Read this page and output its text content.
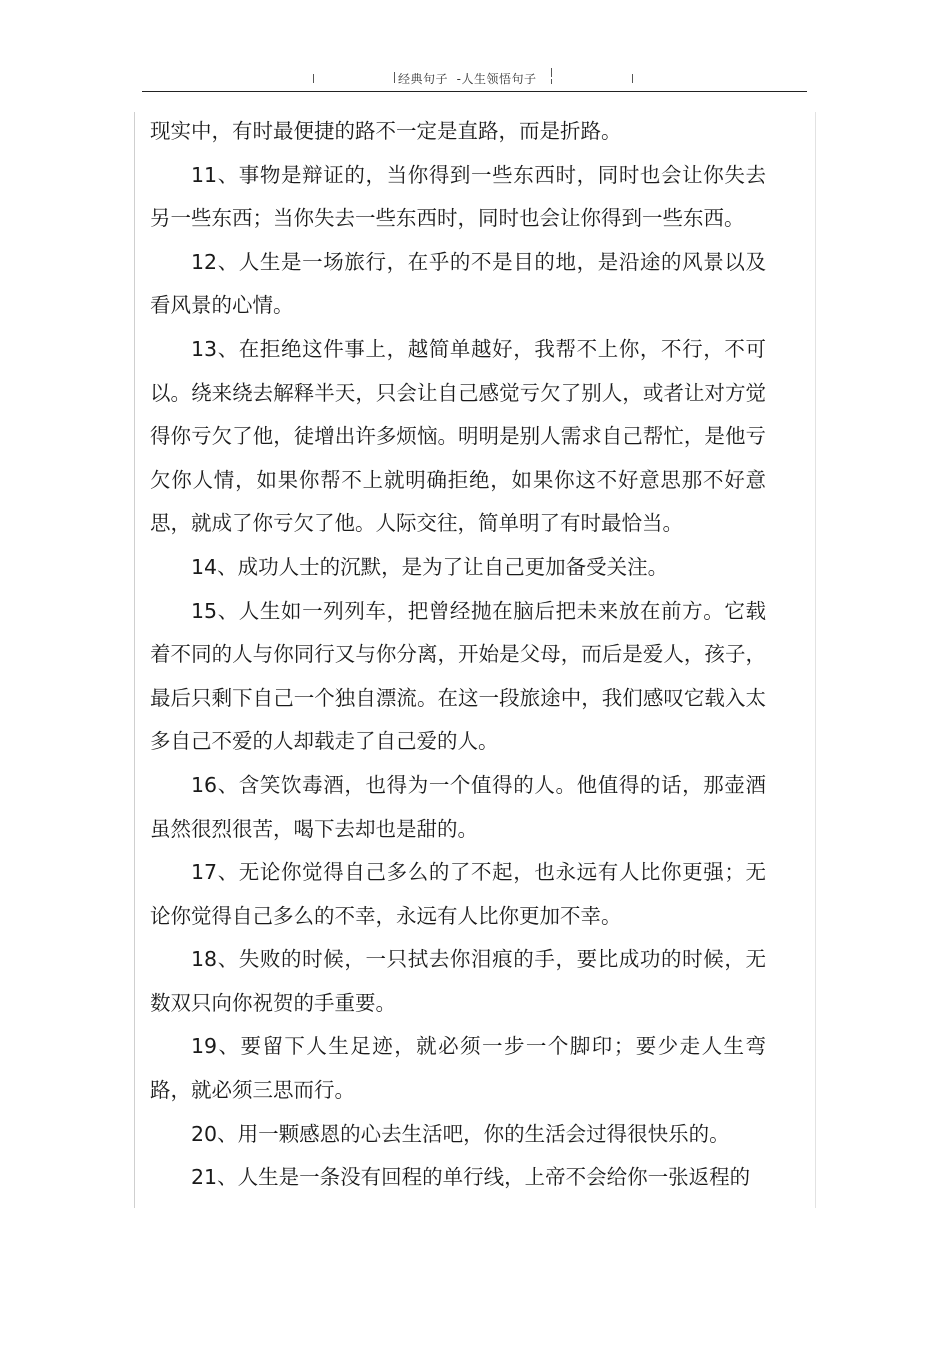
经典句子  -人生领悟句子

现实中，有时最便捷的路不一定是直路，而是折路。

11、事物是辩证的，当你得到一些东西时，同时也会让你失去另一些东西；当你失去一些东西时，同时也会让你得到一些东西。

12、人生是一场旅行，在乎的不是目的地，是沿途的风景以及看风景的心情。

13、在拒绝这件事上，越简单越好，我帮不上你，不行，不可以。绕来绕去解释半天，只会让自己感觉亏欠了别人，或者让对方觉得你亏欠了他，徒增出许多烦恼。明明是别人需求自己帮忙，是他亏欠你人情，如果你帮不上就明确拒绝，如果你这不好意思那不好意思，就成了你亏欠了他。人际交往，简单明了有时最恰当。

14、成功人士的沉默，是为了让自己更加备受关注。

15、人生如一列列车，把曾经抛在脑后把未来放在前方。它载着不同的人与你同行又与你分离，开始是父母，而后是爱人，孩子，最后只剩下自己一个独自漂流。在这一段旅途中，我们感叹它载入太多自己不爱的人却载走了自己爱的人。

16、含笑饮毒酒，也得为一个值得的人。他值得的话，那壶酒虽然很烈很苦，喝下去却也是甜的。

17、无论你觉得自己多么的了不起，也永远有人比你更强；无论你觉得自己多么的不幸，永远有人比你更加不幸。

18、失败的时候，一只拭去你泪痕的手，要比成功的时候，无数双只向你祝贺的手重要。

19、要留下人生足迹，就必须一步一个脚印；要少走人生弯路，就必须三思而行。

20、用一颗感恩的心去生活吧，你的生活会过得很快乐的。

21、人生是一条没有回程的单行线，上帝不会给你一张返程的
